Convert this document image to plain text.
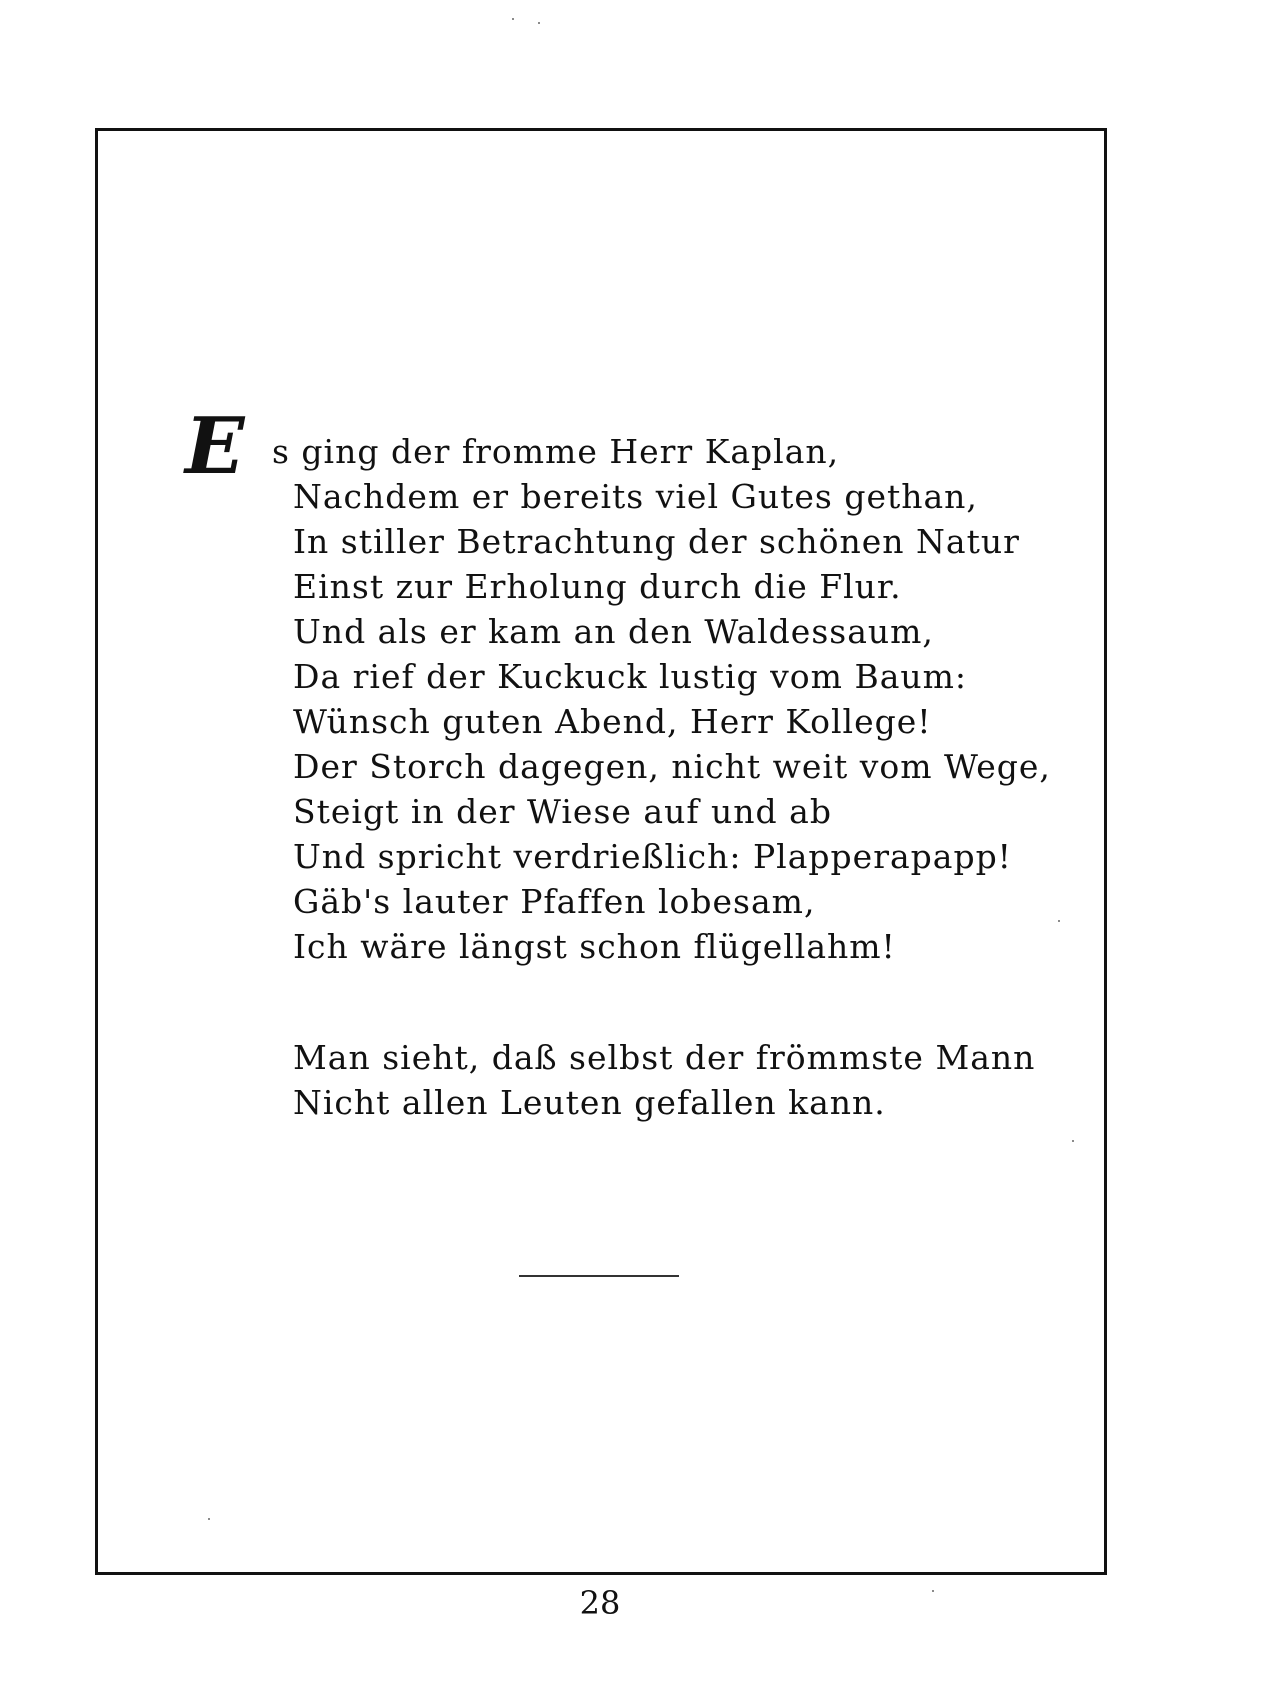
E s ging der fromme Herr Kaplan,
Nachdem er bereits viel Gutes gethan,
In stiller Betrachtung der schönen Natur
Einst zur Erholung durch die Flur.
Und als er kam an den Waldessaum,
Da rief der Kuckuck lustig vom Baum:
Wünsch guten Abend, Herr Kollege!
Der Storch dagegen, nicht weit vom Wege,
Steigt in der Wiese auf und ab
Und spricht verdrießlich: Plapperapapp!
Gäb's lauter Pfaffen lobesam,
Ich wäre längst schon flügellahm!
Man sieht, daß selbst der frömmste Mann
Nicht allen Leuten gefallen kann.
28
